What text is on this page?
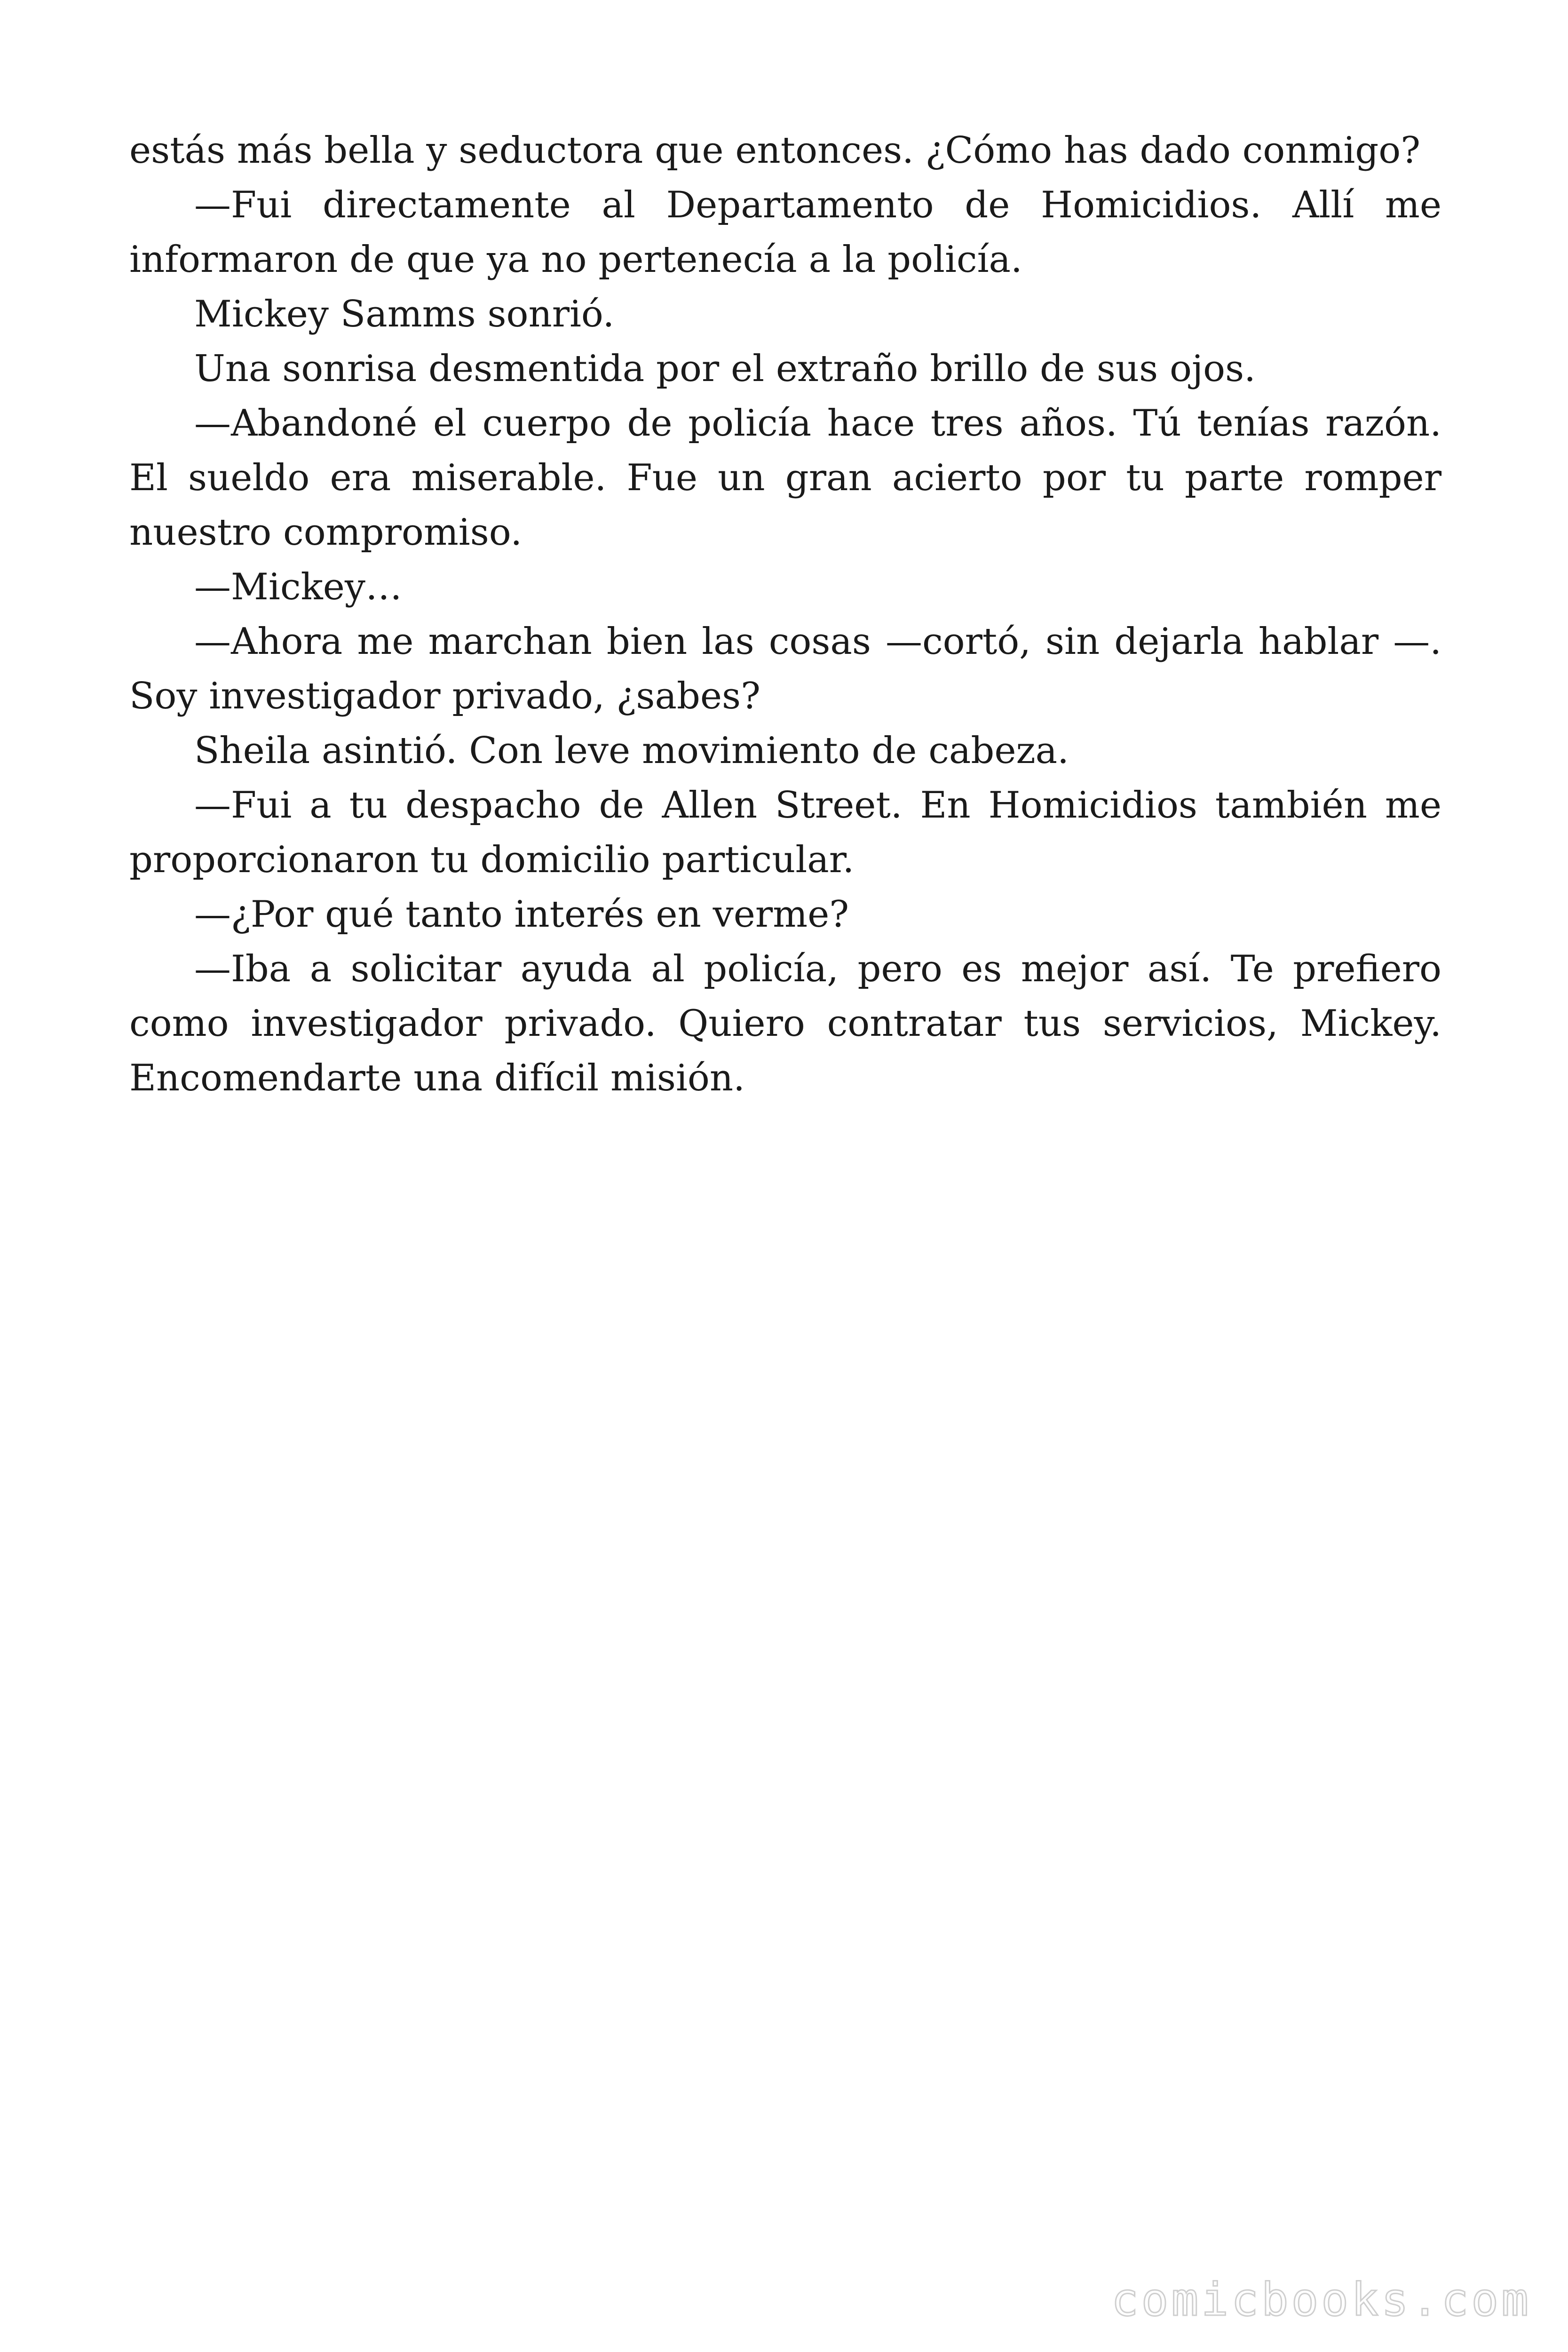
estás más bella y seductora que entonces. ¿Cómo has dado conmigo?

—Fui directamente al Departamento de Homicidios. Allí me informaron de que ya no pertenecía a la policía.

Mickey Samms sonrió.

Una sonrisa desmentida por el extraño brillo de sus ojos.

—Abandoné el cuerpo de policía hace tres años. Tú tenías razón. El sueldo era miserable. Fue un gran acierto por tu parte romper nuestro compromiso.

—Mickey…

—Ahora me marchan bien las cosas —cortó, sin dejarla hablar —. Soy investigador privado, ¿sabes?

Sheila asintió. Con leve movimiento de cabeza.

—Fui a tu despacho de Allen Street. En Homicidios también me proporcionaron tu domicilio particular.

—¿Por qué tanto interés en verme?

—Iba a solicitar ayuda al policía, pero es mejor así. Te prefiero como investigador privado. Quiero contratar tus servicios, Mickey. Encomendarte una difícil misión.

comicbooks.com
